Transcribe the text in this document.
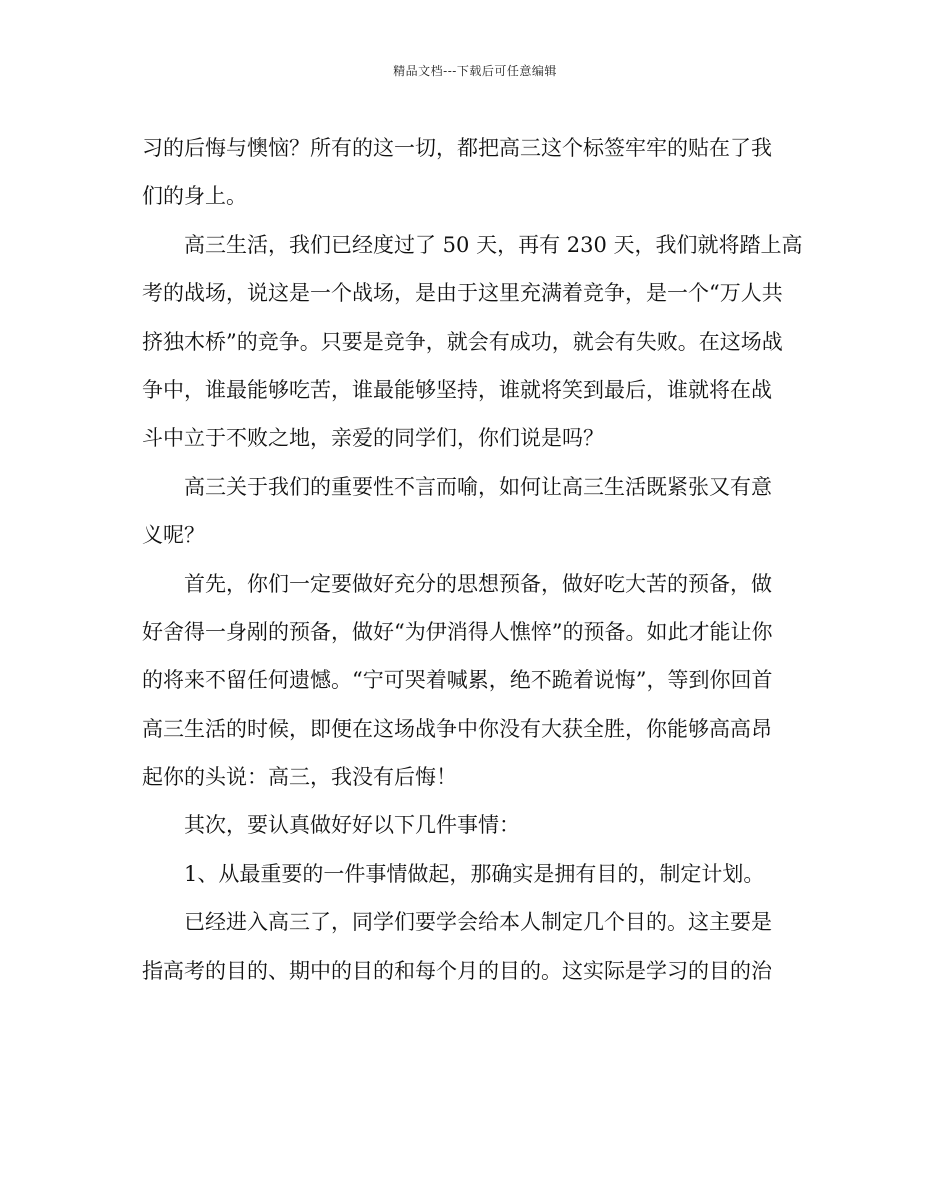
精品文档---下载后可任意编辑
习的后悔与懊恼？所有的这一切，都把高三这个标签牢牢的贴在了我
们的身上。
高三生活，我们已经度过了 50 天，再有 230 天，我们就将踏上高
考的战场，说这是一个战场，是由于这里充满着竞争，是一个“万人共
挤独木桥”的竞争。只要是竞争，就会有成功，就会有失败。在这场战
争中，谁最能够吃苦，谁最能够坚持，谁就将笑到最后，谁就将在战
斗中立于不败之地，亲爱的同学们，你们说是吗？
高三关于我们的重要性不言而喻，如何让高三生活既紧张又有意
义呢？
首先，你们一定要做好充分的思想预备，做好吃大苦的预备，做
好舍得一身剐的预备，做好“为伊消得人憔悴”的预备。如此才能让你
的将来不留任何遗憾。“宁可哭着喊累，绝不跪着说悔”，等到你回首
高三生活的时候，即便在这场战争中你没有大获全胜，你能够高高昂
起你的头说：高三，我没有后悔！
其次，要认真做好好以下几件事情：
1、从最重要的一件事情做起，那确实是拥有目的，制定计划。
已经进入高三了，同学们要学会给本人制定几个目的。这主要是
指高考的目的、期中的目的和每个月的目的。这实际是学习的目的治
